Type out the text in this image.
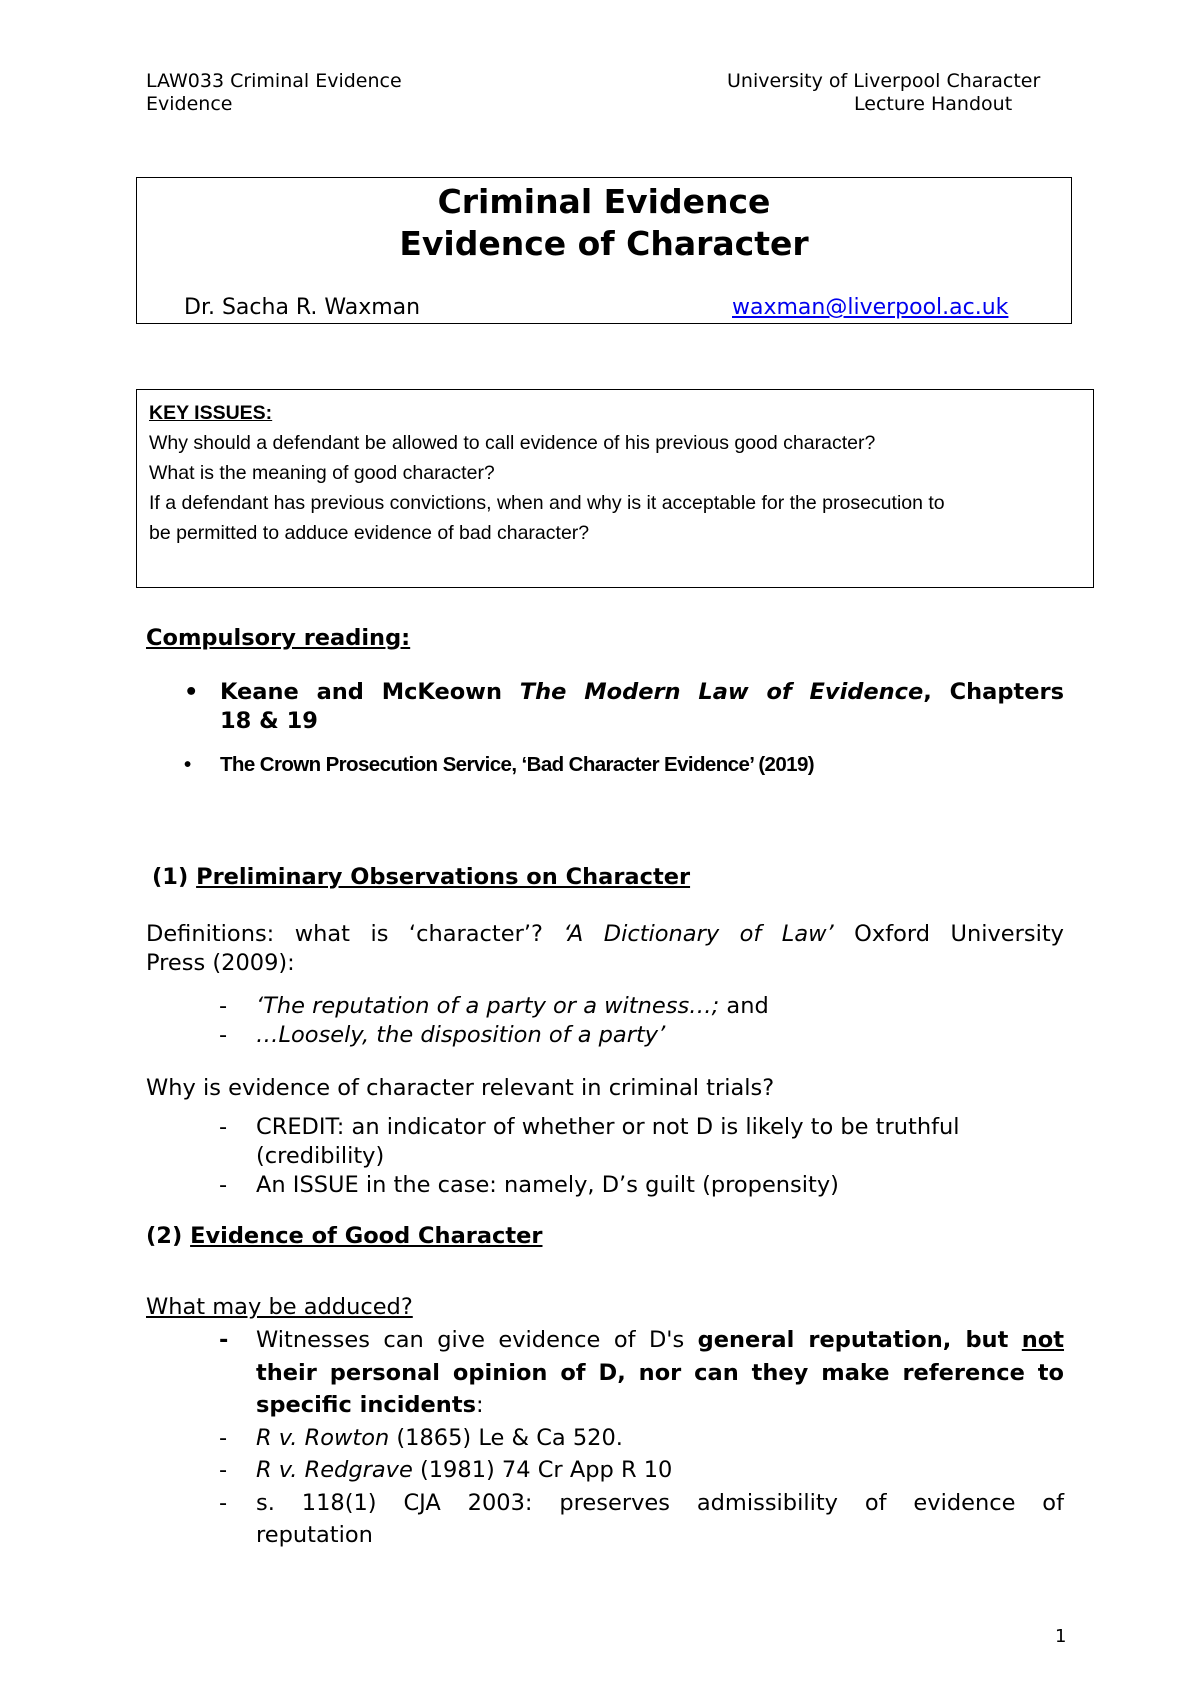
LAW033 Criminal Evidence
Evidence
University of Liverpool Character
Lecture Handout
Criminal Evidence
Evidence of Character
Dr. Sacha R. Waxman	waxman@liverpool.ac.uk
KEY ISSUES:
Why should a defendant be allowed to call evidence of his previous good character?
What is the meaning of good character?
If a defendant has previous convictions, when and why is it acceptable for the prosecution to
be permitted to adduce evidence of bad character?
Compulsory reading:
• Keane and McKeown The Modern Law of Evidence, Chapters
18 & 19
• The Crown Prosecution Service, ‘Bad Character Evidence’ (2019)
(1) Preliminary Observations on Character
Definitions: what is ‘character’? ‘A Dictionary of Law’ Oxford University
Press (2009):
- ‘The reputation of a party or a witness…; and
- …Loosely, the disposition of a party’
Why is evidence of character relevant in criminal trials?
- CREDIT: an indicator of whether or not D is likely to be truthful
(credibility)
- An ISSUE in the case: namely, D’s guilt (propensity)
(2) Evidence of Good Character
What may be adduced?
- Witnesses can give evidence of D's general reputation, but not
their personal opinion of D, nor can they make reference to
specific incidents:
- R v. Rowton (1865) Le & Ca 520.
- R v. Redgrave (1981) 74 Cr App R 10
- s. 118(1) CJA 2003: preserves admissibility of evidence of
reputation
1
